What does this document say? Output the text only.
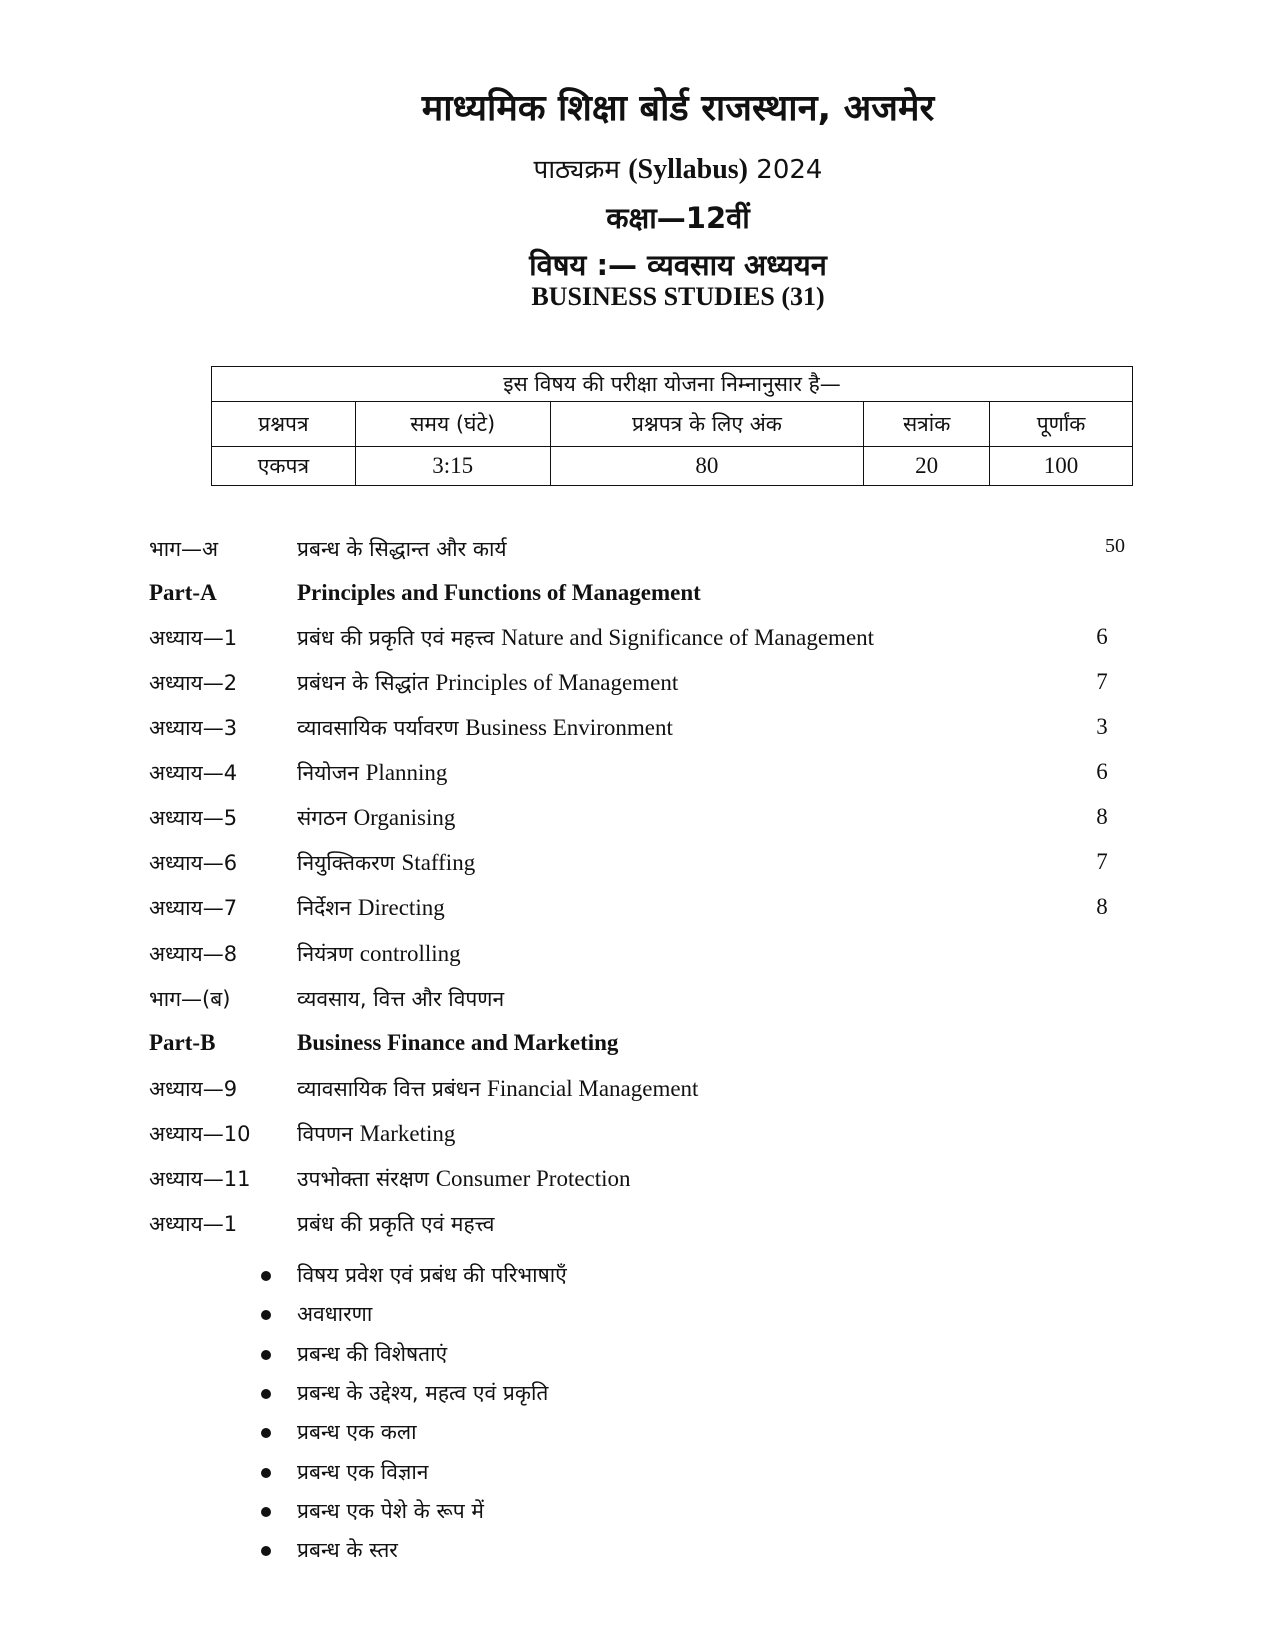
माध्यमिक शिक्षा बोर्ड राजस्थान, अजमेर
पाठ्यक्रम (Syllabus) 2024
कक्षा—12वीं
विषय :— व्यवसाय अध्ययन
BUSINESS STUDIES (31)
इस विषय की परीक्षा योजना निम्नानुसार है—				
प्रश्नपत्र	समय (घंटे)	प्रश्नपत्र के लिए अंक	सत्रांक	पूर्णांक
एकपत्र	3:15	80	20	100
भाग—अ	प्रबन्ध के सिद्धान्त और कार्य	50
Part-A	Principles and Functions of Management
अध्याय—1	प्रबंध की प्रकृति एवं महत्त्व Nature and Significance of Management	6
अध्याय—2	प्रबंधन के सिद्धांत Principles of Management	7
अध्याय—3	व्यावसायिक पर्यावरण Business Environment	3
अध्याय—4	नियोजन Planning	6
अध्याय—5	संगठन Organising	8
अध्याय—6	नियुक्तिकरण Staffing	7
अध्याय—7	निर्देशन Directing	8
अध्याय—8	नियंत्रण controlling
भाग—(ब)	व्यवसाय, वित्त और विपणन
Part-B	Business Finance and Marketing
अध्याय—9	व्यावसायिक वित्त प्रबंधन Financial Management
अध्याय—10 विपणन Marketing
अध्याय—11 उपभोक्ता संरक्षण Consumer Protection
अध्याय—1	प्रबंध की प्रकृति एवं महत्त्व
विषय प्रवेश एवं प्रबंध की परिभाषाएँ
अवधारणा
प्रबन्ध की विशेषताएं
प्रबन्ध के उद्देश्य, महत्व एवं प्रकृति
प्रबन्ध एक कला
प्रबन्ध एक विज्ञान
प्रबन्ध एक पेशे के रूप में
प्रबन्ध के स्तर
